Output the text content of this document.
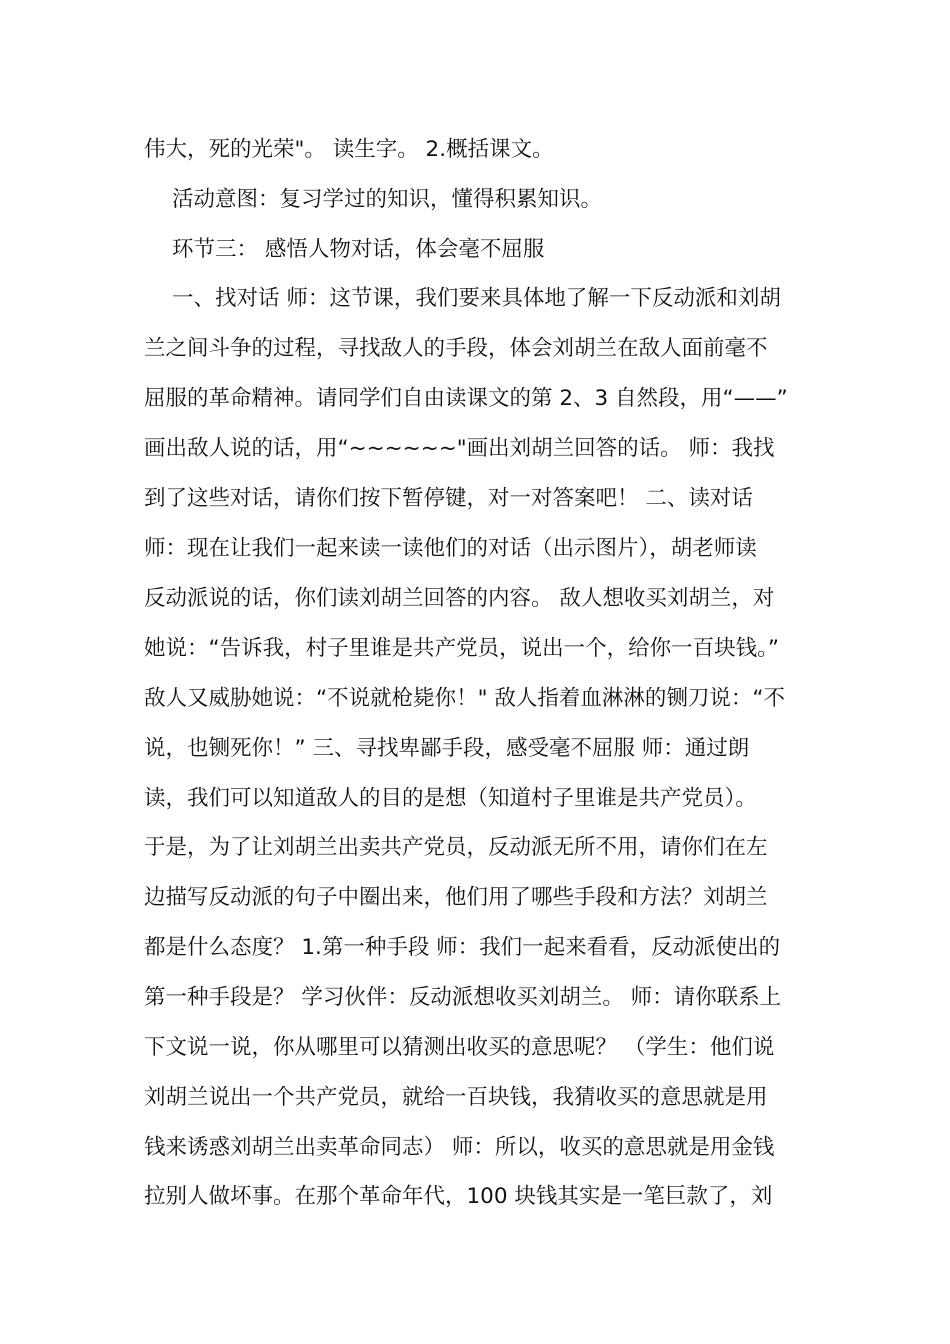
伟大，死的光荣"。 读生字。 2.概括课文。
活动意图：复习学过的知识，懂得积累知识。
环节三： 感悟人物对话，体会毫不屈服
一、找对话 师：这节课，我们要来具体地了解一下反动派和刘胡
兰之间斗争的过程，寻找敌人的手段，体会刘胡兰在敌人面前毫不
屈服的革命精神。请同学们自由读课文的第 2、3 自然段，用“——”
画出敌人说的话，用“~~~~~~"画出刘胡兰回答的话。 师：我找
到了这些对话，请你们按下暂停键，对一对答案吧！ 二、读对话
师：现在让我们一起来读一读他们的对话（出示图片），胡老师读
反动派说的话，你们读刘胡兰回答的内容。 敌人想收买刘胡兰，对
她说：“告诉我，村子里谁是共产党员，说出一个，给你一百块钱。”
敌人又威胁她说：“不说就枪毙你！" 敌人指着血淋淋的铡刀说：“不
说，也铡死你！” 三、寻找卑鄙手段，感受毫不屈服 师：通过朗
读，我们可以知道敌人的目的是想（知道村子里谁是共产党员）。
于是，为了让刘胡兰出卖共产党员，反动派无所不用，请你们在左
边描写反动派的句子中圈出来，他们用了哪些手段和方法？刘胡兰
都是什么态度？ 1.第一种手段 师：我们一起来看看，反动派使出的
第一种手段是？ 学习伙伴：反动派想收买刘胡兰。 师：请你联系上
下文说一说，你从哪里可以猜测出收买的意思呢？ （学生：他们说
刘胡兰说出一个共产党员，就给一百块钱，我猜收买的意思就是用
钱来诱惑刘胡兰出卖革命同志） 师：所以，收买的意思就是用金钱
拉别人做坏事。在那个革命年代，100 块钱其实是一笔巨款了，刘
